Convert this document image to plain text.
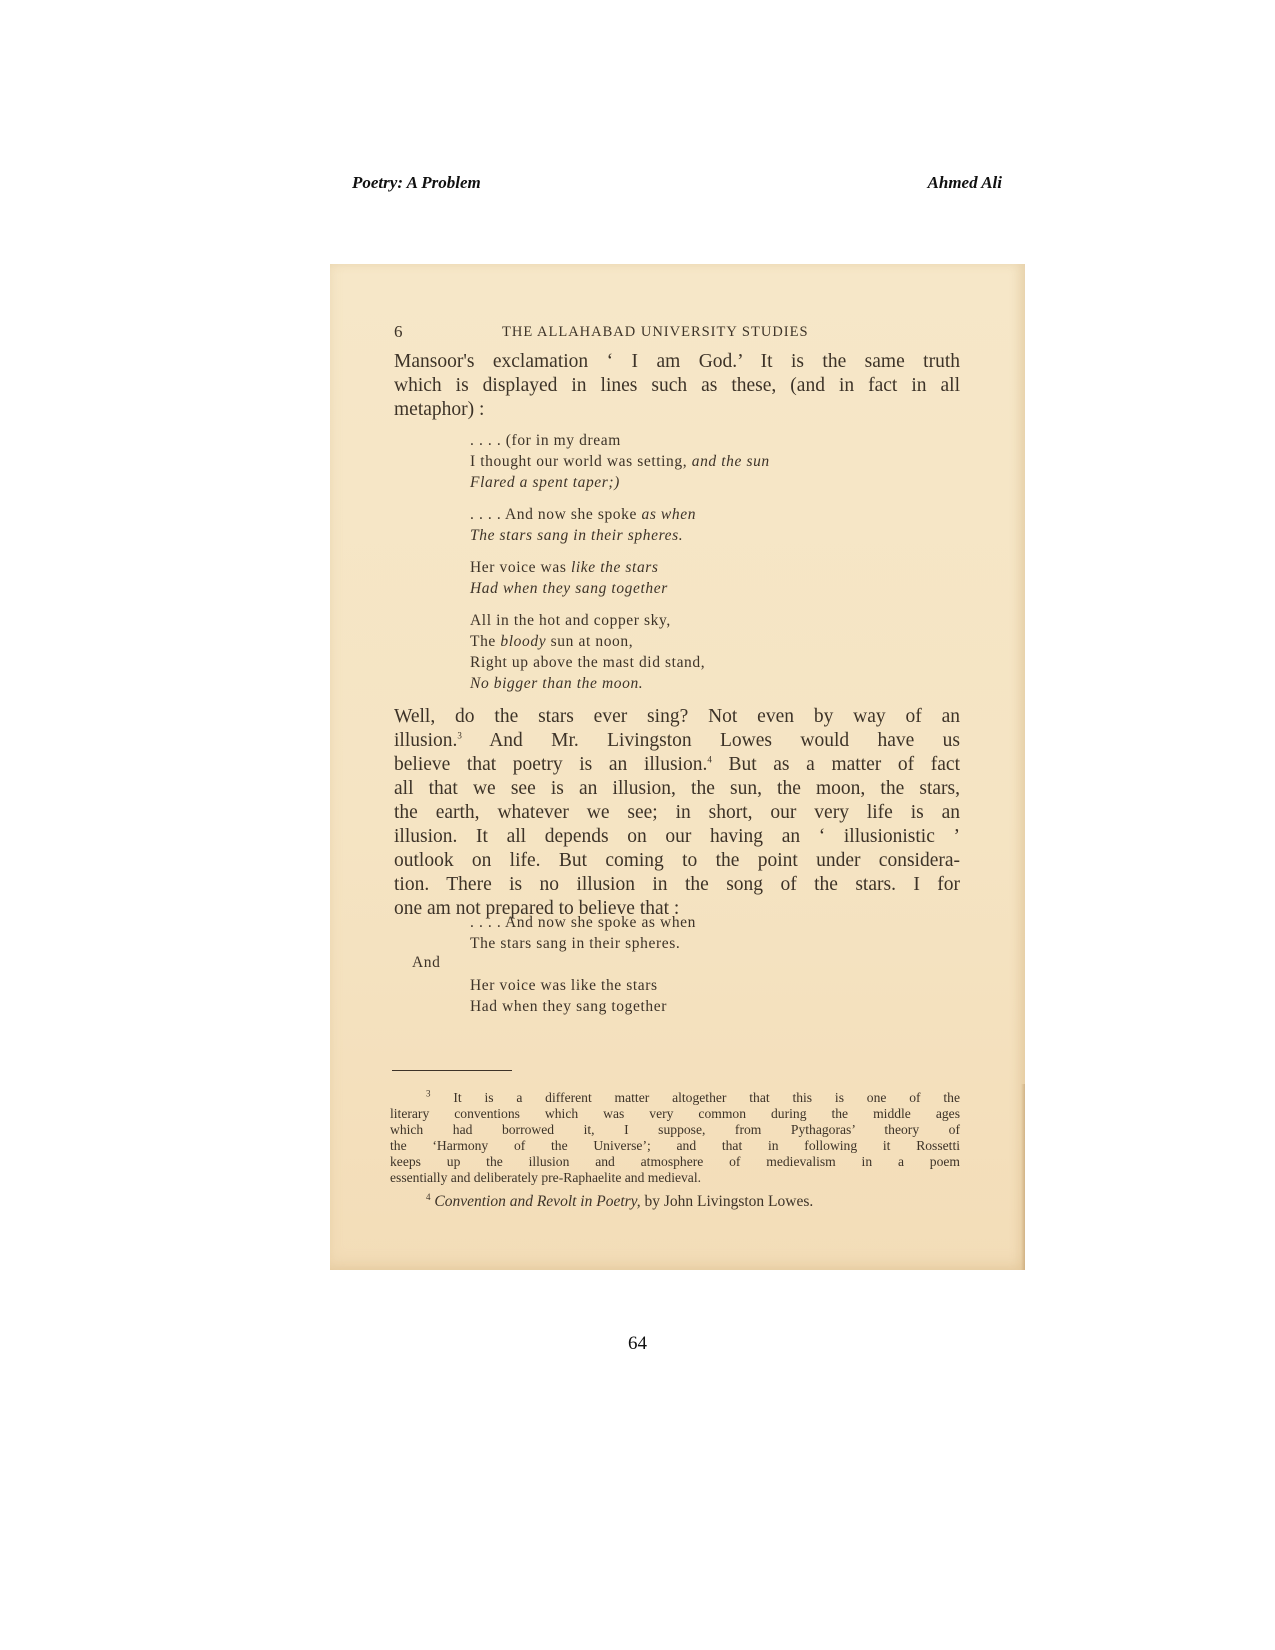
Poetry: A Problem	Ahmed Ali
6	THE ALLAHABAD UNIVERSITY STUDIES

Mansoor's exclamation ‘ I am God.’ It is the same truth
which is displayed in lines such as these, (and in fact in all
metaphor) :

. . . . (for in my dream
I thought our world was setting, and the sun
Flared a spent taper;)
. . . . And now she spoke as when
The stars sang in their spheres.
Her voice was like the stars
Had when they sang together
All in the hot and copper sky,
The bloody sun at noon,
Right up above the mast did stand,
No bigger than the moon.

Well, do the stars ever sing? Not even by way of an
illusion.$^3$ And Mr. Livingston Lowes would have us
believe that poetry is an illusion.$^4$ But as a matter of fact
all that we see is an illusion, the sun, the moon, the stars,
the earth, whatever we see; in short, our very life is an
illusion. It all depends on our having an ‘ illusionistic ’
outlook on life. But coming to the point under considera-
tion. There is no illusion in the song of the stars. I for
one am not prepared to believe that :

. . . . And now she spoke as when
The stars sang in their spheres.
Her voice was like the stars
Had when they sang together
And
$^3$ It is a different matter altogether that this is one of the
literary conventions which was very common during the middle ages
which had borrowed it, I suppose, from Pythagoras’ theory of
the ‘Harmony of the Universe’; and that in following it Rossetti
keeps up the illusion and atmosphere of medievalism in a poem
essentially and deliberately pre-Raphaelite and medieval.
$^4$ Convention and Revolt in Poetry, by John Livingston Lowes.
64
